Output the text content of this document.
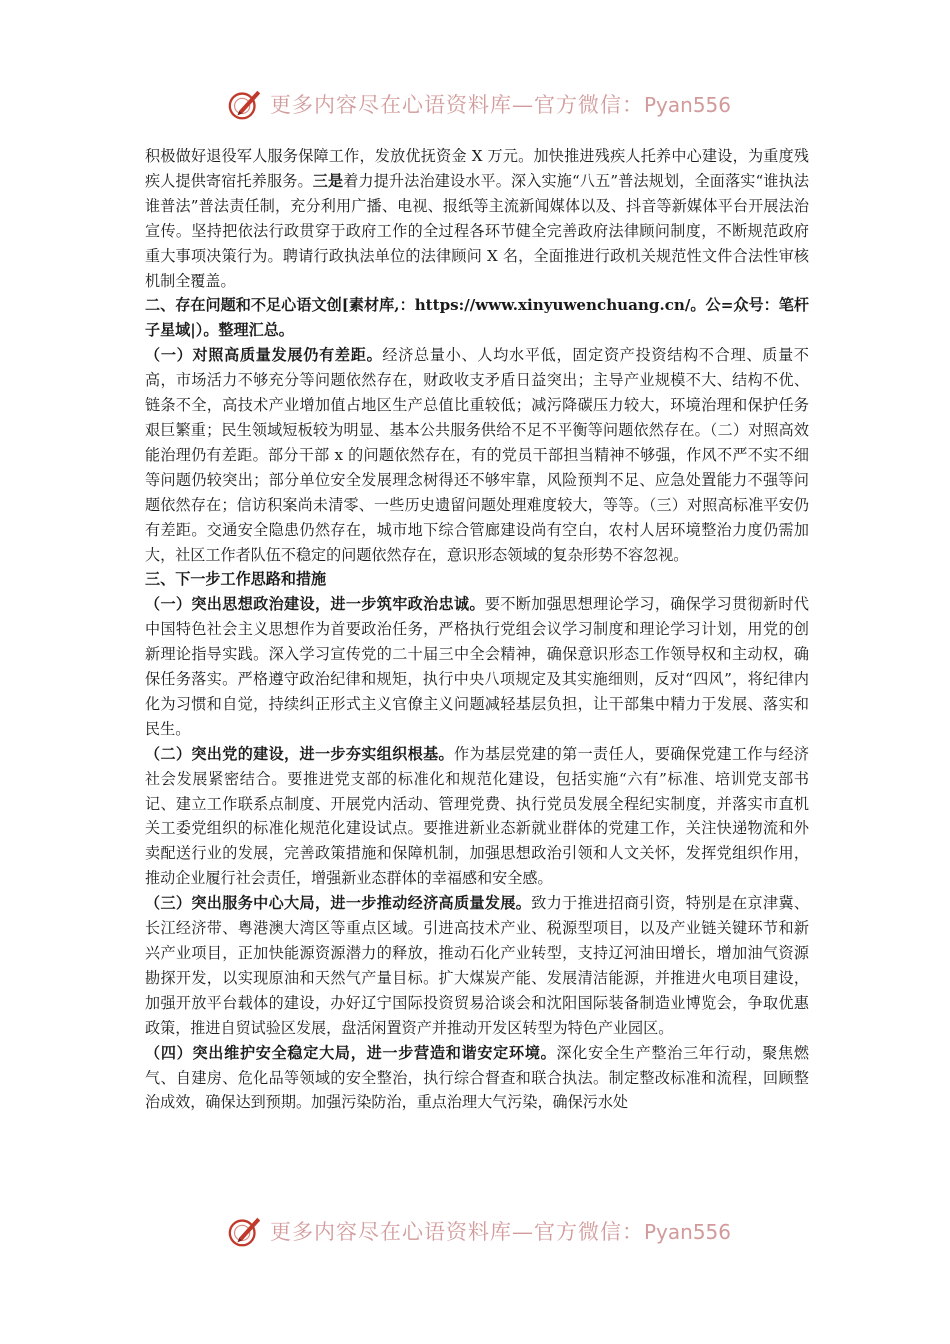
更多内容尽在心语资料库—官方微信：Pyan556

积极做好退役军人服务保障工作，发放优抚资金 X 万元。加快推进残疾人托养中心建设，为重度残疾人提供寄宿托养服务。三是着力提升法治建设水平。深入实施“八五”普法规划，全面落实“谁执法谁普法”普法责任制，充分利用广播、电视、报纸等主流新闻媒体以及、抖音等新媒体平台开展法治宣传。坚持把依法行政贯穿于政府工作的全过程各环节健全完善政府法律顾问制度，不断规范政府重大事项决策行为。聘请行政执法单位的法律顾问 X 名，全面推进行政机关规范性文件合法性审核机制全覆盖。

二、存在问题和不足心语文创[素材库,：https://www.xinyuwenchuang.cn/。公=众号：笔杆子星域|）。整理汇总。

（一）对照高质量发展仍有差距。经济总量小、人均水平低，固定资产投资结构不合理、质量不高，市场活力不够充分等问题依然存在，财政收支矛盾日益突出；主导产业规模不大、结构不优、链条不全，高技术产业增加值占地区生产总值比重较低；减污降碳压力较大，环境治理和保护任务艰巨繁重；民生领域短板较为明显、基本公共服务供给不足不平衡等问题依然存在。（二）对照高效能治理仍有差距。部分干部 x 的问题依然存在，有的党员干部担当精神不够强，作风不严不实不细等问题仍较突出；部分单位安全发展理念树得还不够牢靠，风险预判不足、应急处置能力不强等问题依然存在；信访积案尚未清零、一些历史遗留问题处理难度较大，等等。（三）对照高标准平安仍有差距。交通安全隐患仍然存在，城市地下综合管廊建设尚有空白，农村人居环境整治力度仍需加大，社区工作者队伍不稳定的问题依然存在，意识形态领域的复杂形势不容忽视。

三、下一步工作思路和措施

（一）突出思想政治建设，进一步筑牢政治忠诚。要不断加强思想理论学习，确保学习贯彻新时代中国特色社会主义思想作为首要政治任务，严格执行党组会议学习制度和理论学习计划，用党的创新理论指导实践。深入学习宣传党的二十届三中全会精神，确保意识形态工作领导权和主动权，确保任务落实。严格遵守政治纪律和规矩，执行中央八项规定及其实施细则，反对“四风”，将纪律内化为习惯和自觉，持续纠正形式主义官僚主义问题减轻基层负担，让干部集中精力于发展、落实和民生。

（二）突出党的建设，进一步夯实组织根基。作为基层党建的第一责任人，要确保党建工作与经济社会发展紧密结合。要推进党支部的标准化和规范化建设，包括实施“六有”标准、培训党支部书记、建立工作联系点制度、开展党内活动、管理党费、执行党员发展全程纪实制度，并落实市直机关工委党组织的标准化规范化建设试点。要推进新业态新就业群体的党建工作，关注快递物流和外卖配送行业的发展，完善政策措施和保障机制，加强思想政治引领和人文关怀，发挥党组织作用，推动企业履行社会责任，增强新业态群体的幸福感和安全感。

（三）突出服务中心大局，进一步推动经济高质量发展。致力于推进招商引资，特别是在京津冀、长江经济带、粤港澳大湾区等重点区域。引进高技术产业、税源型项目，以及产业链关键环节和新兴产业项目，正加快能源资源潜力的释放，推动石化产业转型，支持辽河油田增长，增加油气资源勘探开发，以实现原油和天然气产量目标。扩大煤炭产能、发展清洁能源，并推进火电项目建设，加强开放平台载体的建设，办好辽宁国际投资贸易洽谈会和沈阳国际装备制造业博览会，争取优惠政策，推进自贸试验区发展，盘活闲置资产并推动开发区转型为特色产业园区。

（四）突出维护安全稳定大局，进一步营造和谐安定环境。深化安全生产整治三年行动，聚焦燃气、自建房、危化品等领域的安全整治，执行综合督查和联合执法。制定整改标准和流程，回顾整治成效，确保达到预期。加强污染防治，重点治理大气污染，确保污水处

更多内容尽在心语资料库—官方微信：Pyan556
